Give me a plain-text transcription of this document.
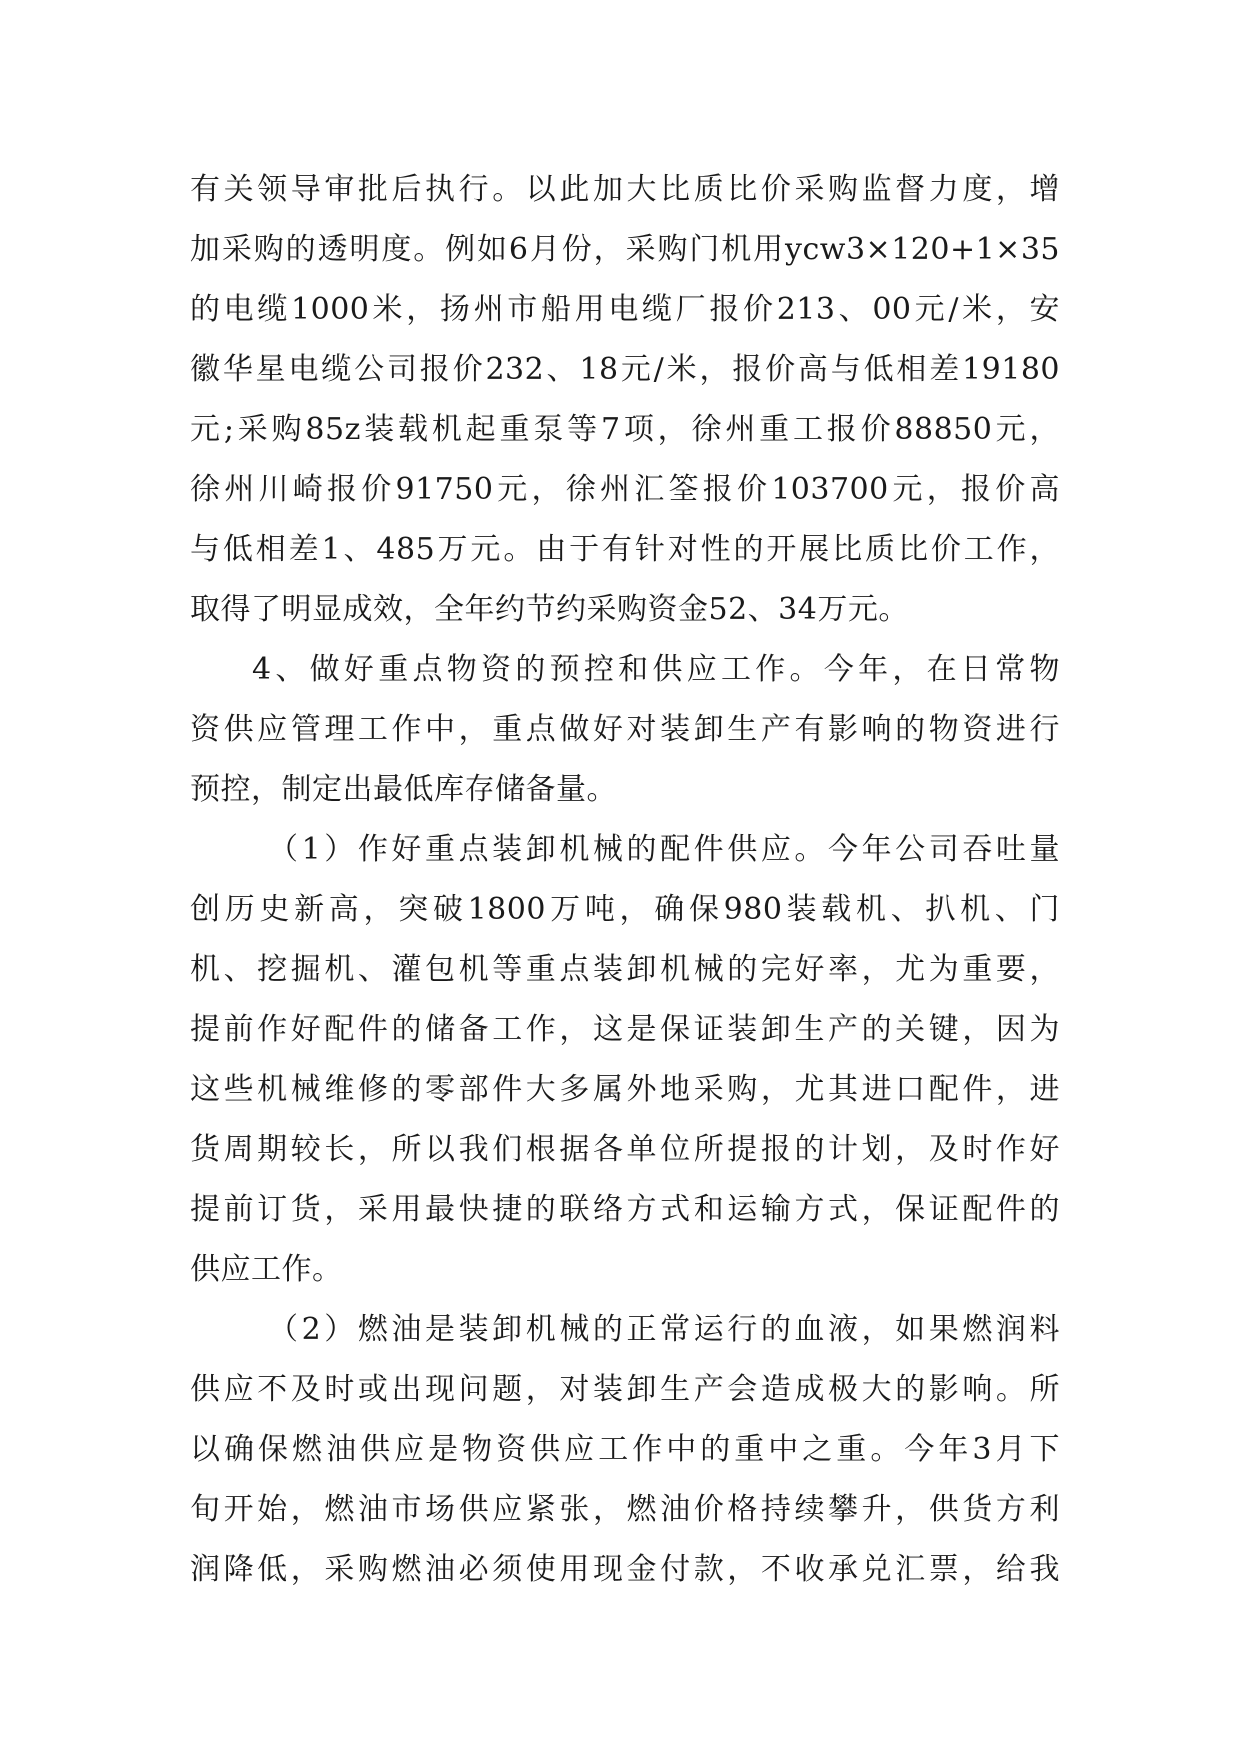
有关领导审批后执行。以此加大比质比价采购监督力度，增
加采购的透明度。例如6月份，采购门机用ycw3×120+1×35
的电缆1000米，扬州市船用电缆厂报价213、00元/米，安
徽华星电缆公司报价232、18元/米，报价高与低相差19180
元;采购85z装载机起重泵等7项，徐州重工报价88850元，
徐州川崎报价91750元，徐州汇筌报价103700元，报价高
与低相差1、485万元。由于有针对性的开展比质比价工作，
取得了明显成效，全年约节约采购资金52、34万元。
4、做好重点物资的预控和供应工作。今年，在日常物
资供应管理工作中，重点做好对装卸生产有影响的物资进行
预控，制定出最低库存储备量。
（1）作好重点装卸机械的配件供应。今年公司吞吐量
创历史新高，突破1800万吨，确保980装载机、扒机、门
机、挖掘机、灌包机等重点装卸机械的完好率，尤为重要，
提前作好配件的储备工作，这是保证装卸生产的关键，因为
这些机械维修的零部件大多属外地采购，尤其进口配件，进
货周期较长，所以我们根据各单位所提报的计划，及时作好
提前订货，采用最快捷的联络方式和运输方式，保证配件的
供应工作。
（2）燃油是装卸机械的正常运行的血液，如果燃润料
供应不及时或出现问题，对装卸生产会造成极大的影响。所
以确保燃油供应是物资供应工作中的重中之重。今年3月下
旬开始，燃油市场供应紧张，燃油价格持续攀升，供货方利
润降低，采购燃油必须使用现金付款，不收承兑汇票，给我
